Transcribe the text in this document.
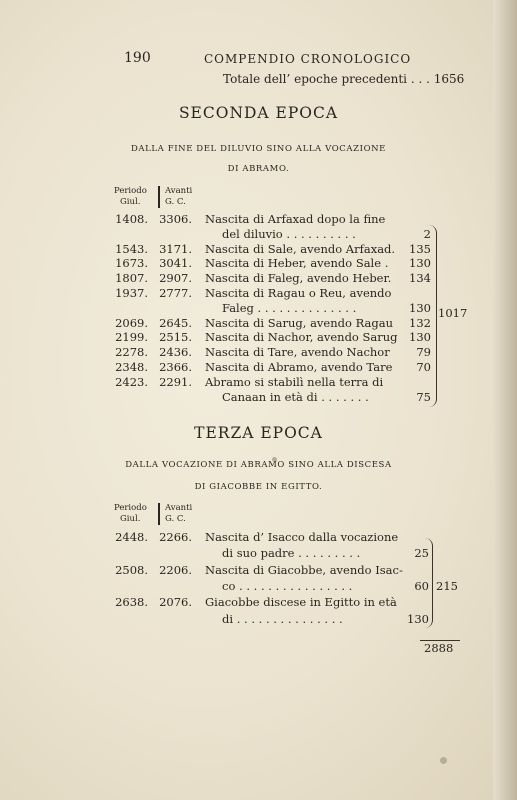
190	COMPENDIO CRONOLOGICO
Totale dell’ epoche precedenti . . . 1656
SECONDA EPOCA
DALLA FINE DEL DILUVIO SINO ALLA VOCAZIONE
DI ABRAMO.
Periodo
Giul.
Avanti
G. C.
1408. 3306. Nascita di Arfaxad dopo la fine
del diluvio . . . . . . . . . .	2
1543. 3171. Nascita di Sale, avendo Arfaxad.	135
1673. 3041. Nascita di Heber, avendo Sale .	130
1807. 2907. Nascita di Faleg, avendo Heber.	134
1937. 2777. Nascita di Ragau o Reu, avendo
Faleg . . . . . . . . . . . . . .	130
2069. 2645. Nascita di Sarug, avendo Ragau	132
2199. 2515. Nascita di Nachor, avendo Sarug	130
2278. 2436. Nascita di Tare, avendo Nachor	79
2348. 2366. Nascita di Abramo, avendo Tare	70
2423. 2291. Abramo si stabilì nella terra di
Canaan in età di . . . . . . .	75
1017
TERZA EPOCA
DALLA VOCAZIONE DI ABRAMO SINO ALLA DISCESA
DI GIACOBBE IN EGITTO.
Periodo
Giul.
Avanti
G. C.
2448. 2266. Nascita d’ Isacco dalla vocazione
di suo padre . . . . . . . . .	25
2508. 2206. Nascita di Giacobbe, avendo Isac-
co . . . . . . . . . . . . . . . .	60
2638. 2076. Giacobbe discese in Egitto in età
di . . . . . . . . . . . . . . .	130
215
2888
